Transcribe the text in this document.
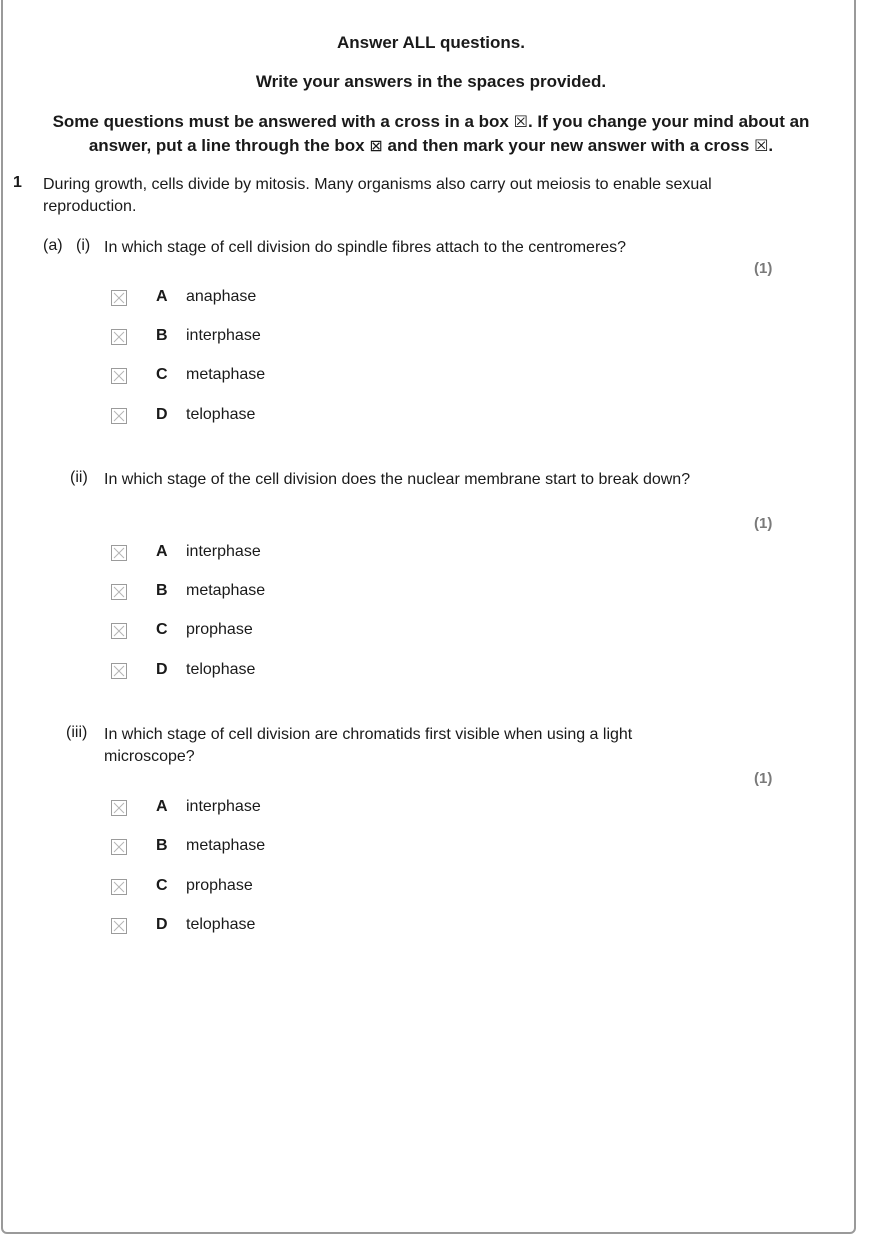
Answer ALL questions.
Write your answers in the spaces provided.
Some questions must be answered with a cross in a box ☒. If you change your mind about an answer, put a line through the box ⊠ and then mark your new answer with a cross ☒.
1 During growth, cells divide by mitosis. Many organisms also carry out meiosis to enable sexual reproduction.
(a) (i) In which stage of cell division do spindle fibres attach to the centromeres?
(1)
A anaphase
B interphase
C metaphase
D telophase
(ii) In which stage of the cell division does the nuclear membrane start to break down?
(1)
A interphase
B metaphase
C prophase
D telophase
(iii) In which stage of cell division are chromatids first visible when using a light microscope?
(1)
A interphase
B metaphase
C prophase
D telophase
